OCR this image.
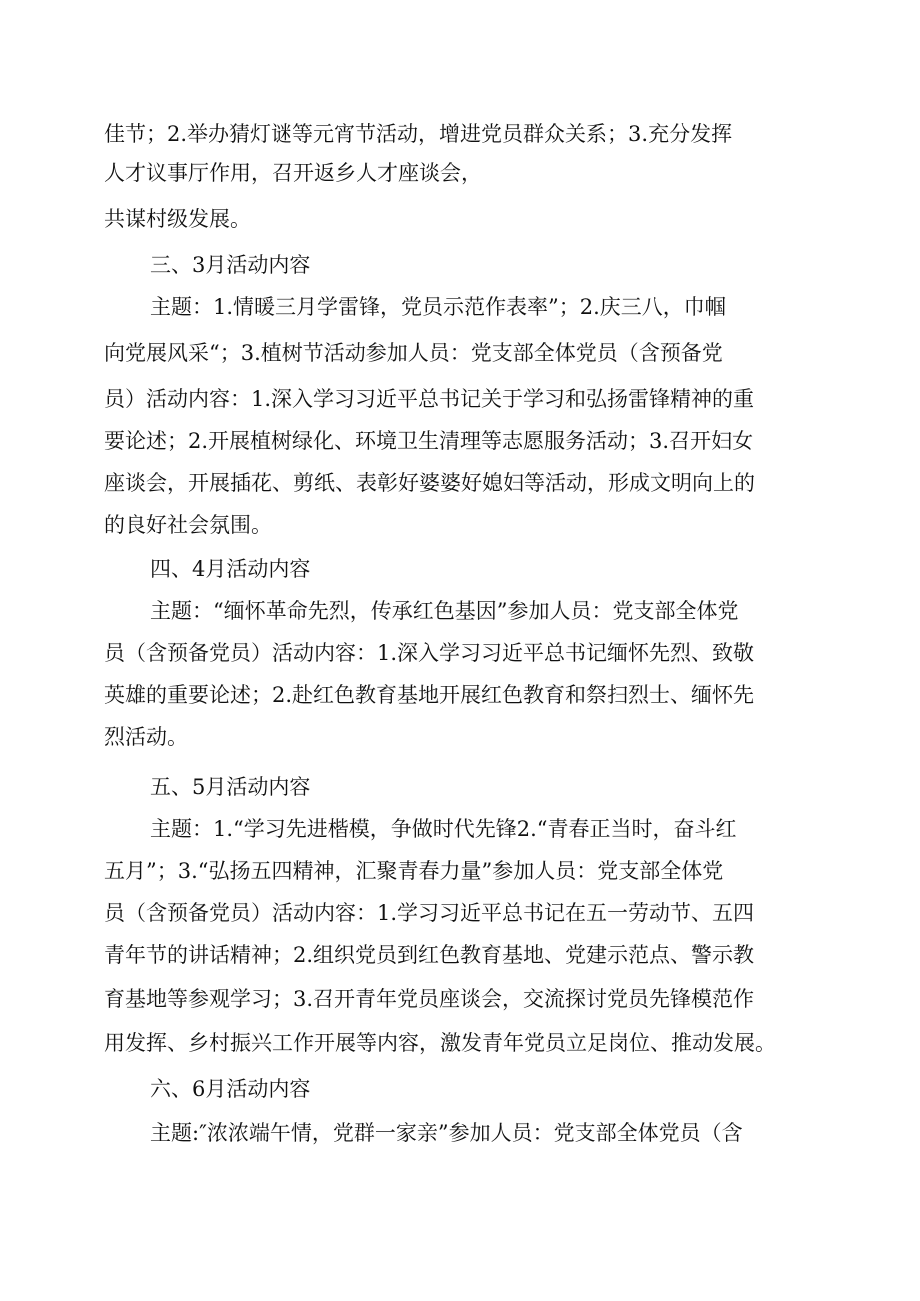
佳节；2.举办猜灯谜等元宵节活动，增进党员群众关系；3.充分发挥
人才议事厅作用，召开返乡人才座谈会，
共谋村级发展。
三、3月活动内容
主题：1.情暖三月学雷锋，党员示范作表率”；2.庆三八，巾帼
向党展风采“；3.植树节活动参加人员：党支部全体党员（含预备党
员）活动内容：1.深入学习习近平总书记关于学习和弘扬雷锋精神的重
要论述；2.开展植树绿化、环境卫生清理等志愿服务活动；3.召开妇女
座谈会，开展插花、剪纸、表彰好婆婆好媳妇等活动，形成文明向上的
的良好社会氛围。
四、4月活动内容
主题：“缅怀革命先烈，传承红色基因”参加人员：党支部全体党
员（含预备党员）活动内容：1.深入学习习近平总书记缅怀先烈、致敬
英雄的重要论述；2.赴红色教育基地开展红色教育和祭扫烈士、缅怀先
烈活动。
五、5月活动内容
主题：1.“学习先进楷模，争做时代先锋2.“青春正当时，奋斗红
五月”；3.“弘扬五四精神，汇聚青春力量”参加人员：党支部全体党
员（含预备党员）活动内容：1.学习习近平总书记在五一劳动节、五四
青年节的讲话精神；2.组织党员到红色教育基地、党建示范点、警示教
育基地等参观学习；3.召开青年党员座谈会，交流探讨党员先锋模范作
用发挥、乡村振兴工作开展等内容，激发青年党员立足岗位、推动发展。
六、6月活动内容
主题:″浓浓端午情，党群一家亲”参加人员：党支部全体党员（含
